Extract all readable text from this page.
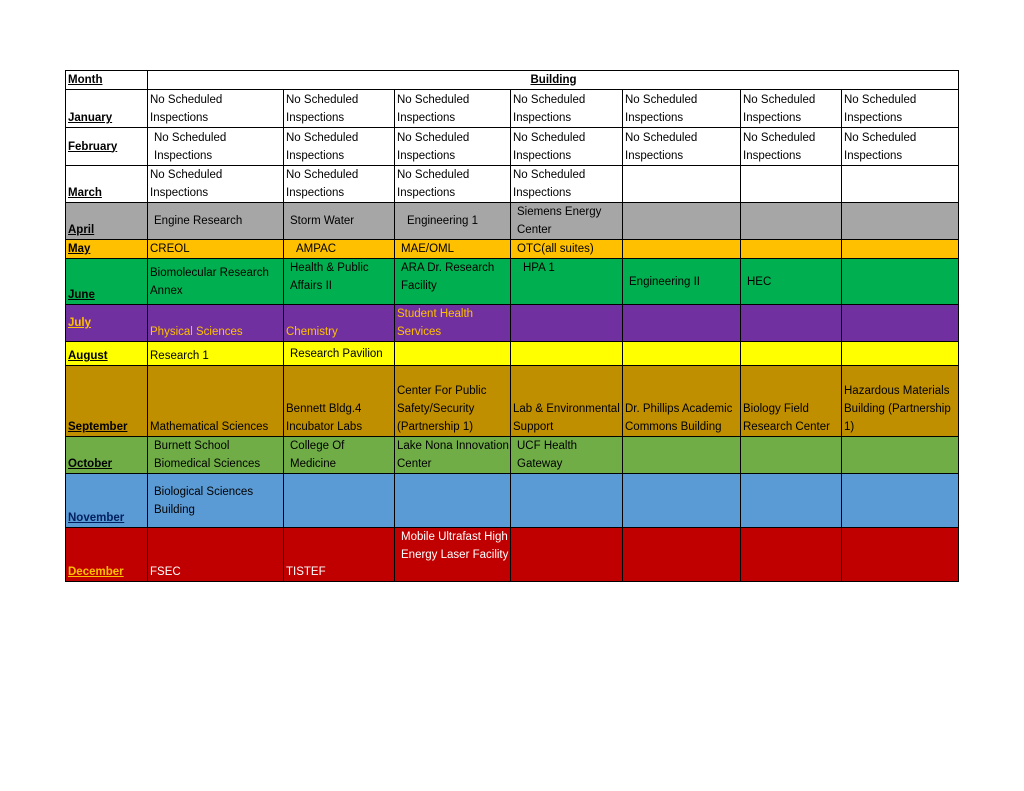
Month	Building						
January	No Scheduled Inspections	No Scheduled Inspections	No Scheduled Inspections	No Scheduled Inspections	No Scheduled Inspections	No Scheduled Inspections	No Scheduled Inspections
February	No Scheduled Inspections	No Scheduled Inspections	No Scheduled Inspections	No Scheduled Inspections	No Scheduled Inspections	No Scheduled Inspections	No Scheduled Inspections
March	No Scheduled Inspections	No Scheduled Inspections	No Scheduled Inspections	No Scheduled Inspections			
April	Engine Research	Storm Water	Engineering 1	Siemens Energy Center			
May	CREOL	AMPAC	MAE/OML	OTC(all suites)			
June	Biomolecular Research Annex	Health & Public Affairs II	ARA Dr. Research Facility	HPA 1	Engineering II	HEC	
July	Physical Sciences	Chemistry	Student Health Services				
August	Research 1	Research Pavilion					
September	Mathematical Sciences	Bennett Bldg.4 Incubator Labs	Center For Public Safety/Security (Partnership 1)	Lab & Environmental Support	Dr. Phillips Academic Commons Building	Biology Field Research Center	Hazardous Materials Building (Partnership 1)
October	Burnett School Biomedical Sciences	College Of Medicine	Lake Nona Innovation Center	UCF Health Gateway			
November	Biological Sciences Building						
December	FSEC	TISTEF	Mobile Ultrafast High Energy Laser Facility				
